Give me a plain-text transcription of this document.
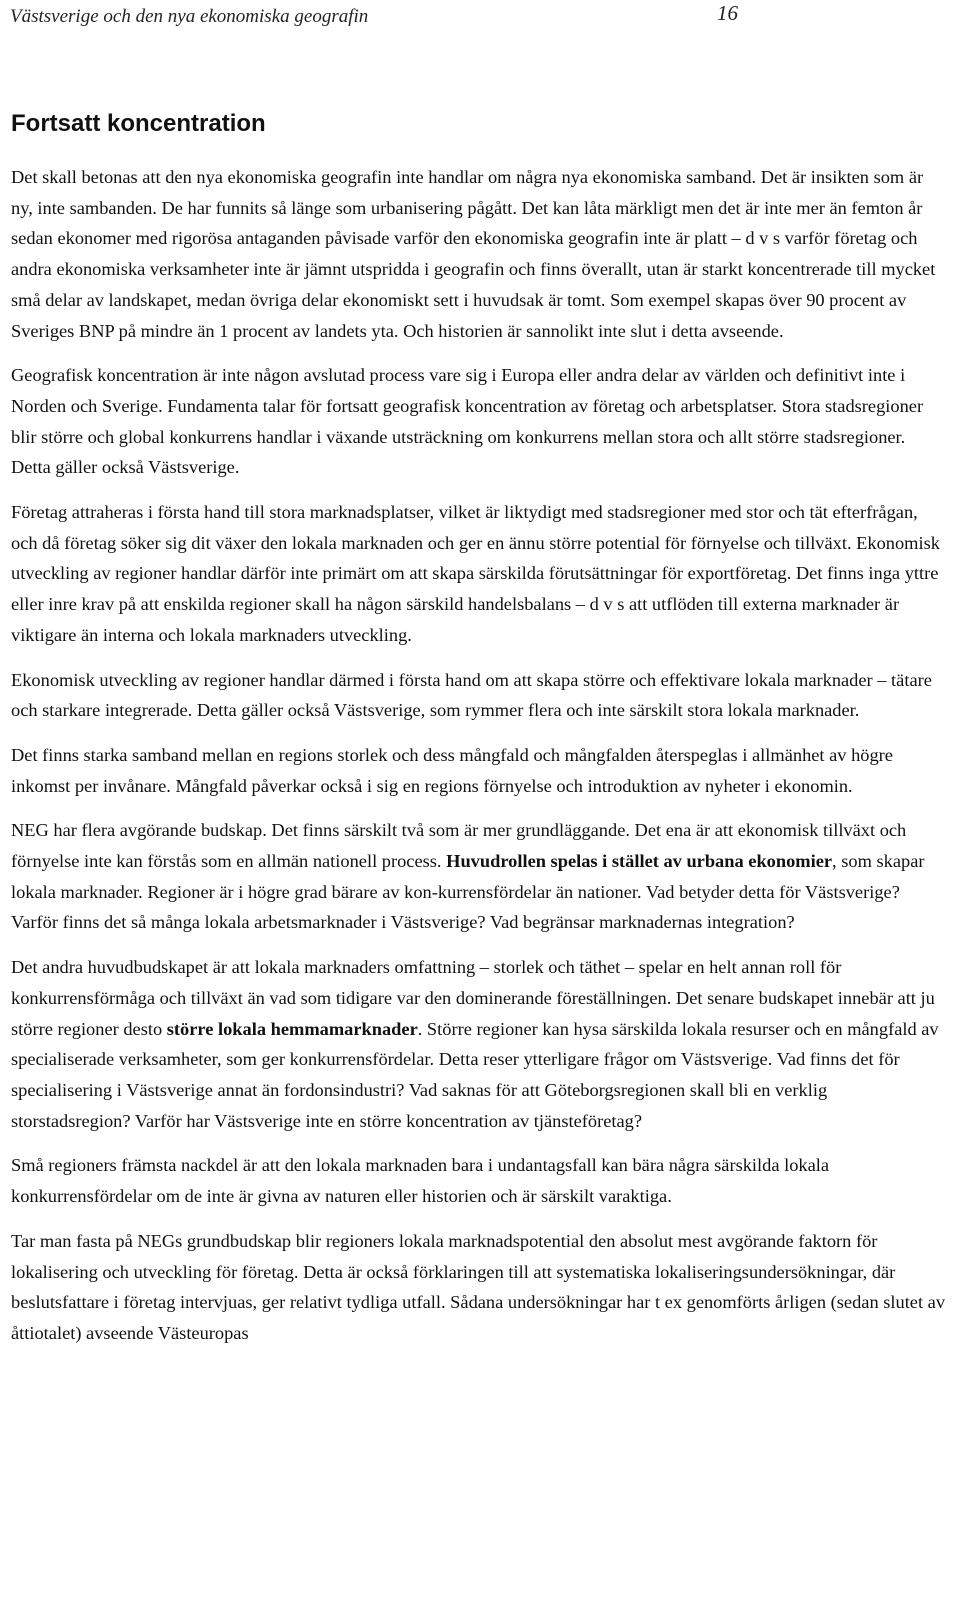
Västsverige och den nya ekonomiska geografin	16
Fortsatt koncentration

Det skall betonas att den nya ekonomiska geografin inte handlar om några nya ekonomiska samband. Det är insikten som är ny, inte sambanden. De har funnits så länge som urbanisering pågått. Det kan låta märkligt men det är inte mer än femton år sedan ekonomer med rigorösa antaganden påvisade varför den ekonomiska geografin inte är platt – d v s varför företag och andra ekonomiska verksamheter inte är jämnt utspridda i geografin och finns överallt, utan är starkt koncentrerade till mycket små delar av landskapet, medan övriga delar ekonomiskt sett i huvudsak är tomt. Som exempel skapas över 90 procent av Sveriges BNP på mindre än 1 procent av landets yta. Och historien är sannolikt inte slut i detta avseende.

Geografisk koncentration är inte någon avslutad process vare sig i Europa eller andra delar av världen och definitivt inte i Norden och Sverige. Fundamenta talar för fortsatt geografisk koncentration av företag och arbetsplatser. Stora stadsregioner blir större och global konkurrens handlar i växande utsträckning om konkurrens mellan stora och allt större stadsregioner. Detta gäller också Västsverige.

Företag attraheras i första hand till stora marknadsplatser, vilket är liktydigt med stadsregioner med stor och tät efterfrågan, och då företag söker sig dit växer den lokala marknaden och ger en ännu större potential för förnyelse och tillväxt. Ekonomisk utveckling av regioner handlar därför inte primärt om att skapa särskilda förutsättningar för exportföretag. Det finns inga yttre eller inre krav på att enskilda regioner skall ha någon särskild handelsbalans – d v s att utflöden till externa marknader är viktigare än interna och lokala marknaders utveckling.

Ekonomisk utveckling av regioner handlar därmed i första hand om att skapa större och effektivare lokala marknader – tätare och starkare integrerade. Detta gäller också Västsverige, som rymmer flera och inte särskilt stora lokala marknader.

Det finns starka samband mellan en regions storlek och dess mångfald och mångfalden återspeglas i allmänhet av högre inkomst per invånare. Mångfald påverkar också i sig en regions förnyelse och introduktion av nyheter i ekonomin.

NEG har flera avgörande budskap. Det finns särskilt två som är mer grundläggande. Det ena är att ekonomisk tillväxt och förnyelse inte kan förstås som en allmän nationell process. Huvudrollen spelas i stället av urbana ekonomier, som skapar lokala marknader. Regioner är i högre grad bärare av kon-kurrensfördelar än nationer. Vad betyder detta för Västsverige? Varför finns det så många lokala arbetsmarknader i Västsverige? Vad begränsar marknadernas integration?

Det andra huvudbudskapet är att lokala marknaders omfattning – storlek och täthet – spelar en helt annan roll för konkurrensförmåga och tillväxt än vad som tidigare var den dominerande föreställningen. Det senare budskapet innebär att ju större regioner desto större lokala hemmamarknader. Större regioner kan hysa särskilda lokala resurser och en mångfald av specialiserade verksamheter, som ger konkurrensfördelar. Detta reser ytterligare frågor om Västsverige. Vad finns det för specialisering i Västsverige annat än fordonsindustri? Vad saknas för att Göteborgsregionen skall bli en verklig storstadsregion? Varför har Västsverige inte en större koncentration av tjänsteföretag?

Små regioners främsta nackdel är att den lokala marknaden bara i undantagsfall kan bära några särskilda lokala konkurrensfördelar om de inte är givna av naturen eller historien och är särskilt varaktiga.

Tar man fasta på NEGs grundbudskap blir regioners lokala marknadspotential den absolut mest avgörande faktorn för lokalisering och utveckling för företag. Detta är också förklaringen till att systematiska lokaliseringsundersökningar, där beslutsfattare i företag intervjuas, ger relativt tydliga utfall. Sådana undersökningar har t ex genomförts årligen (sedan slutet av åttiotalet) avseende Västeuropas
